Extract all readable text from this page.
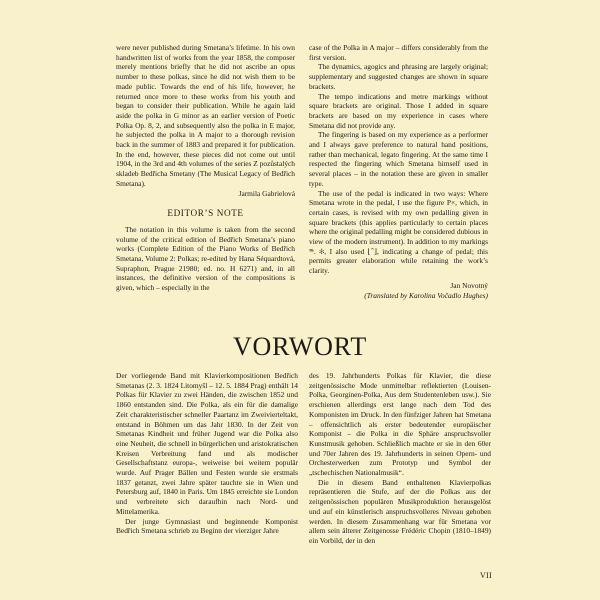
were never published during Smetana’s lifetime. In his own handwritten list of works from the year 1858, the composer merely mentions briefly that he did not ascribe an opus number to these polkas, since he did not wish them to be made public. Towards the end of his life, however, he returned once more to these works from his youth and began to consider their publication. While he again laid aside the polka in G minor as an earlier version of Poetic Polka Op. 8, 2, and subsequently also the polka in E major, he subjected the polka in A major to a thorough revision back in the summer of 1883 and prepared it for publication. In the end, however, these pieces did not come out until 1904, in the 3rd and 4th volumes of the series Z pozůstalých skladeb Bedřicha Smetany (The Musical Legacy of Bedřich Smetana).

Jarmila Gabrielová

EDITOR’S NOTE

The notation in this volume is taken from the second volume of the critical edition of Bedřich Smetana’s piano works (Complete Edition of the Piano Works of Bedřich Smetana, Volume 2: Polkas; re-edited by Hana Séquardtová, Supraphon, Prague 21980; ed. no. H 6271) and, in all instances, the definitive version of the compositions is given, which – especially in the

case of the Polka in A major – differs considerably from the first version.

The dynamics, agogics and phrasing are largely original; supplementary and suggested changes are shown in square brackets.

The tempo indications and metre markings without square brackets are original. Those I added in square brackets are based on my experience in cases where Smetana did not provide any.

The fingering is based on my experience as a performer and I always gave preference to natural hand positions, rather than mechanical, legato fingering. At the same time I respected the fingering which Smetana himself used in several places – in the notation these are given in smaller type.

The use of the pedal is indicated in two ways: Where Smetana wrote in the pedal, I use the figure P×, which, in certain cases, is revised with my own pedalling given in square brackets (this applies particularly to certain places where the original pedalling might be considered dubious in view of the modern instrument). In addition to my markings 𝆮. ✻, I also used ⌊⌃⌋, indicating a change of pedal; this permits greater elaboration while retaining the work’s clarity.

Jan Novotný

(Translated by Karolina Vočadlo Hughes)

VORWORT

Der vorliegende Band mit Klavierkompositionen Bedřich Smetanas (2. 3. 1824 Litomyšl – 12. 5. 1884 Prag) enthält 14 Polkas für Klavier zu zwei Händen, die zwischen 1852 und 1860 entstanden sind. Die Polka, als ein für die damalige Zeit charakteristischer schneller Paartanz im Zweivierteltakt, entstand in Böhmen um das Jahr 1830. In der Zeit von Smetanas Kindheit und früher Jugend war die Polka also eine Neuheit, die schnell in bürgerlichen und aristokratischen Kreisen Verbreitung fand und als modischer Gesellschaftstanz europa-, weiweise bei weitem populär wurde. Auf Prager Bällen und Festen wurde sie erstmals 1837 getanzt, zwei Jahre später tauchte sie in Wien und Petersburg auf, 1840 in Paris. Um 1845 erreichte sie London und verbreitete sich daraufhin nach Nord- und Mittelamerika.

Der junge Gymnasiast und beginnende Komponist Bedřich Smetana schrieb zu Beginn der vierziger Jahre

des 19. Jahrhunderts Polkas für Klavier, die diese zeitgenössische Mode unmittelbar reflektierten (Louisen-Polka, Georginen-Polka, Aus dem Studentenleben usw.). Sie erschienen allerdings erst lange nach dem Tod des Komponisten im Druck. In den fünfziger Jahren hat Smetana – offensichtlich als erster bedeutender europäischer Komponist – die Polka in die Sphäre anspruchsvoller Kunstmusik gehoben. Schließlich machte er sie in den 60er und 70er Jahren des 19. Jahrhunderts in seinen Opern- und Orchesterwerken zum Prototyp und Symbol der „tschechischen Nationalmusik“.

Die in diesem Band enthaltenen Klavierpolkas repräsentieren die Stufe, auf der die Polkas aus der zeitgenössischen populären Musikproduktion herausgelöst und auf ein künstlerisch anspruchsvolleres Niveau gehoben werden. In diesem Zusammenhang war für Smetana vor allem sein älterer Zeitgenosse Frédéric Chopin (1810–1849) ein Vorbild, der in den

VII
